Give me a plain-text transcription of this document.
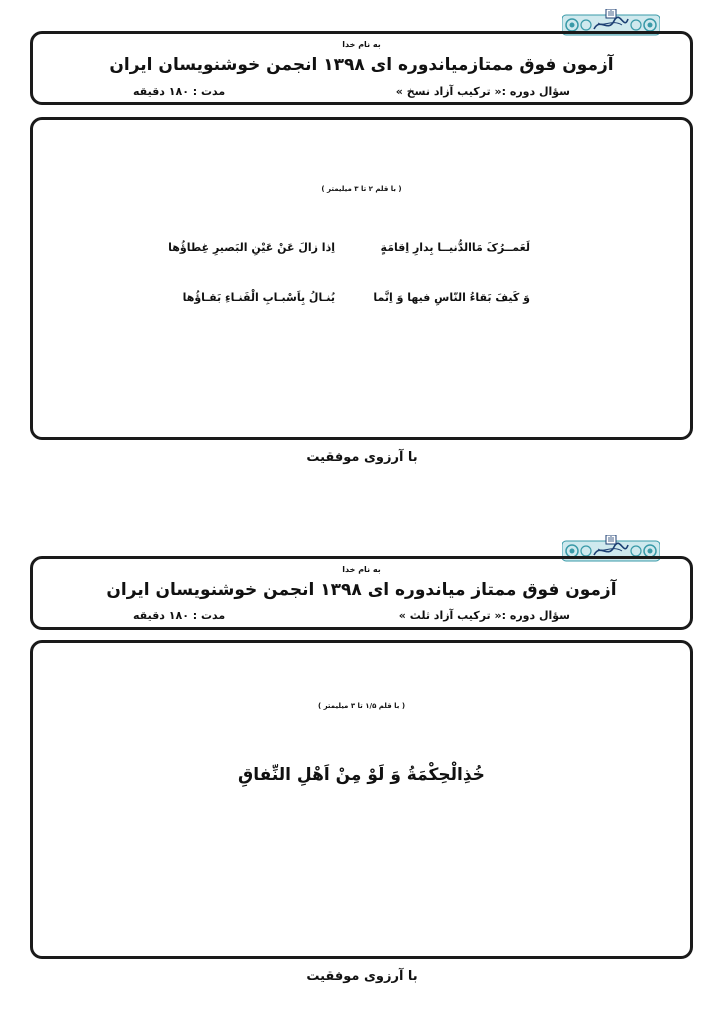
به نام خدا
آزمون فوق ممتازمیاندوره ای ۱۳۹۸ انجمن خوشنویسان ایران
سؤال دوره :« ترکیب آزاد نسخ »
مدت : ۱۸۰ دقیقه
( با قلم ۲ تا ۳ میلیمتر )
لَعَمــرُکَ مَاالدُّنیــا بِدارِ اِقامَةٍ
اِذا زالَ عَنْ عَیْنِ البَصیرِ غِطاؤُها
وَ کَیفَ بَقاءُ النّاسِ فیها وَ اِنَّما
یُنـالُ بِاَسْبـابِ الْفَنـاءِ بَقـاؤُها
با آرزوی موفقیت
به نام خدا
آزمون فوق ممتاز میاندوره ای ۱۳۹۸ انجمن خوشنویسان ایران
سؤال دوره :« ترکیب آزاد ثلث »
مدت : ۱۸۰ دقیقه
( با قلم ۱/۵ تا ۳ میلیمتر )
خُذِالْحِکْمَةُ وَ لَوْ مِنْ اَهْلِ النِّفاقِ
با آرزوی موفقیت
